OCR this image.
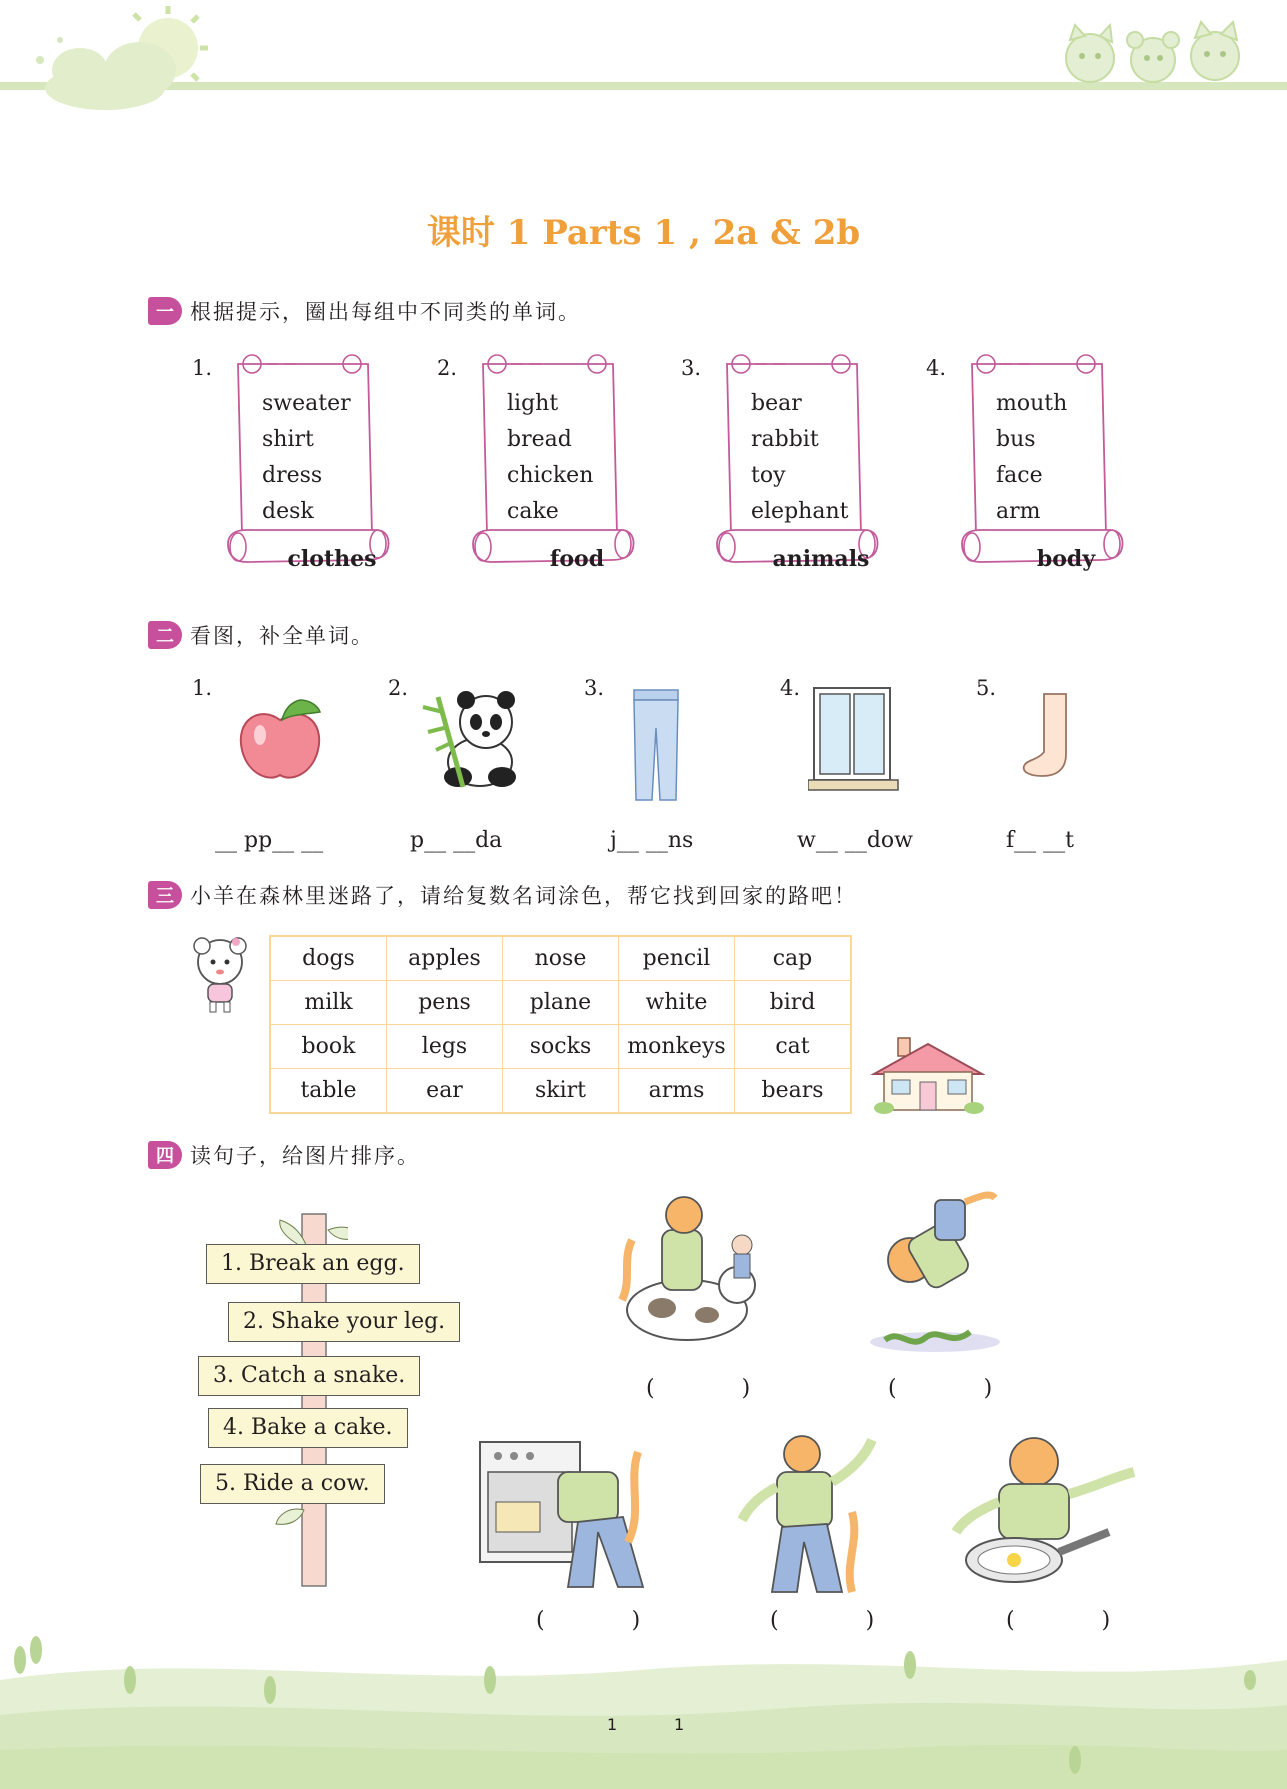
课时 1 Parts 1 , 2a & 2b
一 根据提示，圈出每组中不同类的单词。
1.
sweater
shirt
dress
desk
clothes
2.
light
bread
chicken
cake
food
3.
bear
rabbit
toy
elephant
animals
4.
mouth
bus
face
arm
body
二 看图，补全单词。
1.
__ pp__ __
2.
p__ __da
3.
j__ __ns
4.
w__ __dow
5.
f__ __t
三 小羊在森林里迷路了，请给复数名词涂色，帮它找到回家的路吧！
dogs	apples	nose	pencil	cap
milk	pens	plane	white	bird
book	legs	socks	monkeys	cat
table	ear	skirt	arms	bears
四 读句子，给图片排序。
1. Break an egg.
2. Shake your leg.
3. Catch a snake.
4. Bake a cake.
5. Ride a cow.
( )	( )
( )	( )	( )
1	1
